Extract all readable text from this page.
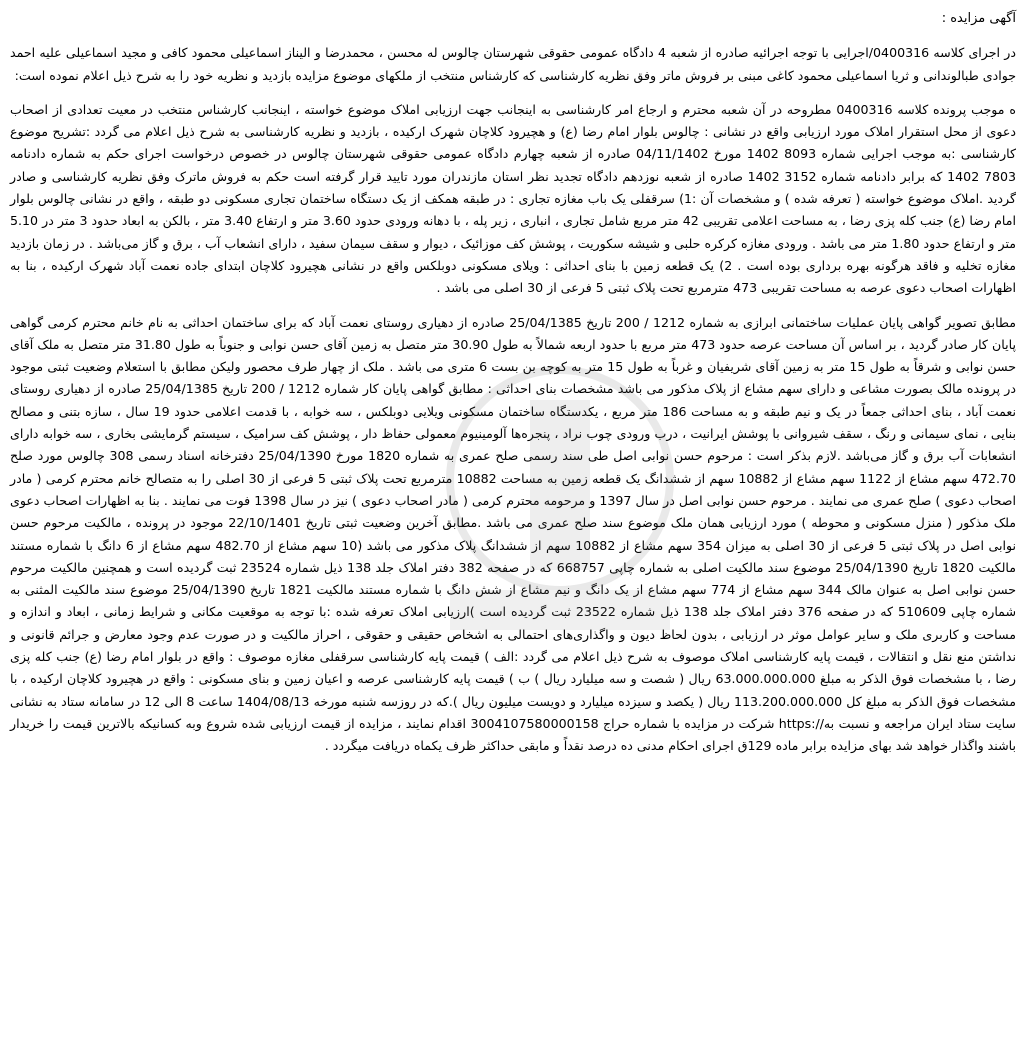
آگهی مزایده :

در اجرای کلاسه 0400316/اجرایی با توجه اجرائیه صادره از شعبه 4 دادگاه عمومی حقوقی شهرستان چالوس له محسن ، محمدرضا و الیناز اسماعیلی محمود کافی و مجید اسماعیلی علیه احمد جوادی طبالوندانی و ثریا اسماعیلی محمود کاغی مبنی بر فروش ماتر وفق نظریه کارشناسی که کارشناس منتخب از ملکهای موضوع مزایده بازدید و نظریه خود را به شرح ذیل اعلام نموده است:

ه موجب پرونده کلاسه 0400316 مطروحه در آن شعبه محترم و ارجاع امر کارشناسی به اینجانب جهت ارزیابی املاک موضوع خواسته ، اینجانب کارشناس منتخب در معیت تعدادی از اصحاب دعوی از محل استقرار املاک مورد ارزیابی واقع در نشانی : چالوس بلوار امام رضا (ع) و هچیرود کلاچان شهرک ارکیده ، بازدید و نظریه کارشناسی به شرح ذیل اعلام می گردد :تشریح موضوع کارشناسی :به موجب اجرایی شماره 8093 1402 مورخ 04/11/1402 صادره از شعبه چهارم دادگاه عمومی حقوقی شهرستان چالوس در خصوص درخواست اجرای حکم به شماره دادنامه 7803 1402 که برابر دادنامه شماره 3152 1402 صادره از شعبه نوزدهم دادگاه تجدید نظر استان مازندران مورد تایید قرار گرفته است حکم به فروش ماترک وفق نظریه کارشناسی و صادر گردید .املاک موضوع خواسته ( تعرفه شده ) و مشخصات آن :1) سرقفلی یک باب مغازه تجاری : در طبقه همکف از یک دستگاه ساختمان تجاری مسکونی دو طبقه ، واقع در نشانی چالوس بلوار امام رضا (ع) جنب کله پزی رضا ، به مساحت اعلامی تقریبی 42 متر مربع شامل تجاری ، انباری ، زیر پله ، با دهانه ورودی حدود 3.60 متر و ارتفاع 3.40 متر ، بالکن به ابعاد حدود 3 متر در 5.10 متر و ارتفاع حدود 1.80 متر می باشد . ورودی مغازه کرکره حلبی و شیشه سکوریت ، پوشش کف موزائیک ، دیوار و سقف سیمان سفید ، دارای انشعاب آب ، برق و گاز می‌باشد . در زمان بازدید مغازه تخلیه و فاقد هرگونه بهره برداری بوده است . 2) یک قطعه زمین با بنای احداثی : ویلای مسکونی دوبلکس واقع در نشانی هچیرود کلاچان ابتدای جاده نعمت آباد شهرک ارکیده ، بنا به اظهارات اصحاب دعوی عرصه به مساحت تقریبی 473 مترمربع تحت پلاک ثبتی 5 فرعی از 30 اصلی می باشد .

مطابق تصویر گواهی پایان عملیات ساختمانی ابرازی به شماره 1212 / 200 تاریخ 25/04/1385 صادره از دهیاری روستای نعمت آباد که برای ساختمان احداثی به نام خانم محترم کرمی گواهی پایان کار صادر گردید ، بر اساس آن مساحت عرصه حدود 473 متر مربع با حدود اربعه شمالاً به طول 30.90 متر متصل به زمین آقای حسن نوابی و جنوباً به طول 31.80 متر متصل به ملک آقای حسن نوابی و شرقاً به طول 15 متر به زمین آقای شریفیان و غرباً به طول 15 متر به کوچه بن بست 6 متری می باشد . ملک از چهار طرف محصور ولیکن مطابق با استعلام وضعیت ثبتی موجود در پرونده مالک بصورت مشاعی و دارای سهم مشاع از پلاک مذکور می باشد مشخصات بنای احداثی : مطابق گواهی پایان کار شماره 1212 / 200 تاریخ 25/04/1385 صادره از دهیاری روستای نعمت آباد ، بنای احداثی جمعاً در یک و نیم طبقه و به مساحت 186 متر مربع ، یکدستگاه ساختمان مسکونی ویلایی دوبلکس ، سه خوابه ، با قدمت اعلامی حدود 19 سال ، سازه بتنی و مصالح بنایی ، نمای سیمانی و رنگ ، سقف شیروانی با پوشش ایرانیت ، درب ورودی چوب نراد ، پنجره‌ها آلومینیوم معمولی حفاظ دار ، پوشش کف سرامیک ، سیستم گرمایشی بخاری ، سه خوابه دارای انشعابات آب برق و گاز می‌باشد .لازم بذکر است : مرحوم حسن نوابی اصل طی سند رسمی صلح عمری به شماره 1820 مورخ 25/04/1390 دفترخانه اسناد رسمی 308 چالوس مورد صلح 472.70 سهم مشاع از 1122 سهم مشاع از 10882 سهم از ششدانگ یک قطعه زمین به مساحت 10882 مترمربع تحت پلاک ثبتی 5 فرعی از 30 اصلی را به متصالح خانم محترم کرمی ( مادر اصحاب دعوی ) صلح عمری می نمایند . مرحوم حسن نوابی اصل در سال 1397 و مرحومه محترم کرمی ( مادر اصحاب دعوی ) نیز در سال 1398 فوت می نمایند . بنا به اظهارات اصحاب دعوی ملک مذکور ( منزل مسکونی و محوطه ) مورد ارزیابی همان ملک موضوع سند صلح عمری می باشد .مطابق آخرین وضعیت ثبتی تاریخ 22/10/1401 موجود در پرونده ، مالکیت مرحوم حسن نوابی اصل در پلاک ثبتی 5 فرعی از 30 اصلی به میزان 354 سهم مشاع از 10882 سهم از ششدانگ پلاک مذکور می باشد (10 سهم مشاع از 482.70 سهم مشاع از 6 دانگ با شماره مستند مالکیت 1820 تاریخ 25/04/1390 موضوع سند مالکیت اصلی به شماره چاپی 668757 که در صفحه 382 دفتر املاک جلد 138 ذیل شماره 23524 ثبت گردیده است و همچنین مالکیت مرحوم حسن نوابی اصل به عنوان مالک 344 سهم مشاع از 774 سهم مشاع از یک دانگ و نیم مشاع از شش دانگ با شماره مستند مالکیت 1821 تاریخ 25/04/1390 موضوع سند مالکیت المثنی به شماره چاپی 510609 که در صفحه 376 دفتر املاک جلد 138 ذیل شماره 23522 ثبت گردیده است )ارزیابی املاک تعرفه شده :با توجه به موقعیت مکانی و شرایط زمانی ، ابعاد و اندازه و مساحت و کاربری ملک و سایر عوامل موثر در ارزیابی ، بدون لحاظ دیون و واگذاری‌های احتمالی به اشخاص حقیقی و حقوقی ، احراز مالکیت و در صورت عدم وجود معارض و جرائم قانونی و نداشتن منع نقل و انتقالات ، قیمت پایه کارشناسی املاک موصوف به شرح ذیل اعلام می گردد :الف ) قیمت پایه کارشناسی سرقفلی مغازه موصوف : واقع در بلوار امام رضا (ع) جنب کله پزی رضا ، با مشخصات فوق الذکر به مبلغ 63.000.000.000 ریال ( شصت و سه میلیارد ریال ) ب ) قیمت پایه کارشناسی عرصه و اعیان زمین و بنای مسکونی : واقع در هچیرود کلاچان ارکیده ، با مشخصات فوق الذکر به مبلغ کل 113.200.000.000 ریال ( یکصد و سیزده میلیارد و دویست میلیون ریال ).که در روزسه شنبه مورخه 1404/08/13 ساعت 8 الی 12 در سامانه ستاد به نشانی سایت ستاد ایران مراجعه و نسبت به//:https شرکت در مزایده با شماره حراج 3004107580000158 اقدام نمایند ، مزایده از قیمت ارزیابی شده شروع وبه کسانیکه بالاترین قیمت را خریدار باشند واگذار خواهد شد بهای مزایده برابر ماده 129ق اجرای احکام مدنی ده درصد نقداً و مابقی حداکثر ظرف یکماه دریافت میگردد .
